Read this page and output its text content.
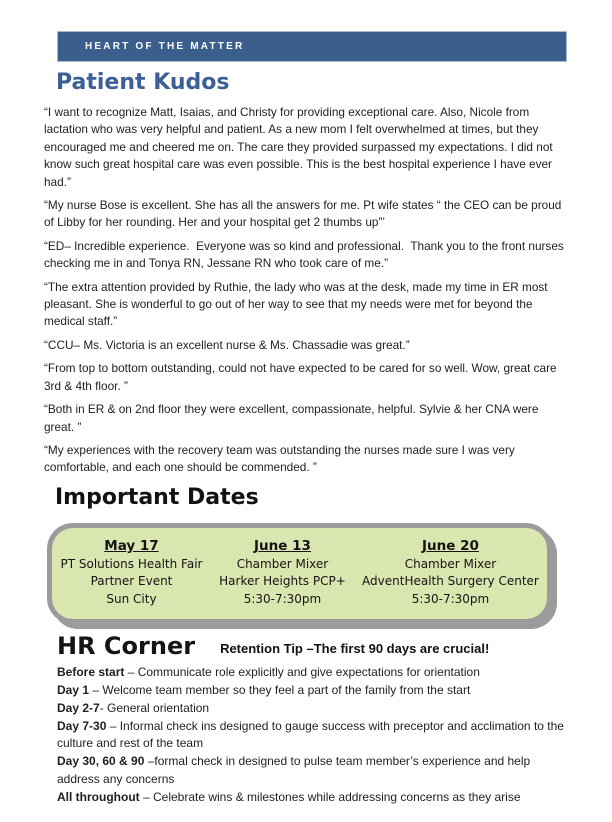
HEART OF THE MATTER
Patient Kudos

“I want to recognize Matt, Isaias, and Christy for providing exceptional care. Also, Nicole from lactation who was very helpful and patient. As a new mom I felt overwhelmed at times, but they encouraged me and cheered me on. The care they provided surpassed my expectations. I did not know such great hospital care was even possible. This is the best hospital experience I have ever had.”

“My nurse Bose is excellent. She has all the answers for me. Pt wife states “ the CEO can be proud of Libby for her rounding. Her and your hospital get 2 thumbs up”’

“ED– Incredible experience.  Everyone was so kind and professional.  Thank you to the front nurses checking me in and Tonya RN, Jessane RN who took care of me.”

“The extra attention provided by Ruthie, the lady who was at the desk, made my time in ER most pleasant. She is wonderful to go out of her way to see that my needs were met for beyond the medical staff.”

“CCU– Ms. Victoria is an excellent nurse & Ms. Chassadie was great.”

“From top to bottom outstanding, could not have expected to be cared for so well. Wow, great care 3rd & 4th floor. ”

“Both in ER & on 2nd floor they were excellent, compassionate, helpful. Sylvie & her CNA were great. ”

“My experiences with the recovery team was outstanding the nurses made sure I was very comfortable, and each one should be commended. ”

Important Dates
May 17
PT Solutions Health Fair
Partner Event
Sun City
June 13
Chamber Mixer
Harker Heights PCP+
5:30-7:30pm
June 20
Chamber Mixer
AdventHealth Surgery Center
5:30-7:30pm
HR Corner Retention Tip –The first 90 days are crucial!
Before start – Communicate role explicitly and give expectations for orientation
Day 1 – Welcome team member so they feel a part of the family from the start
Day 2-7- General orientation
Day 7-30 – Informal check ins designed to gauge success with preceptor and acclimation to the culture and rest of the team
Day 30, 60 & 90 –formal check in designed to pulse team member’s experience and help address any concerns
All throughout – Celebrate wins & milestones while addressing concerns as they arise
